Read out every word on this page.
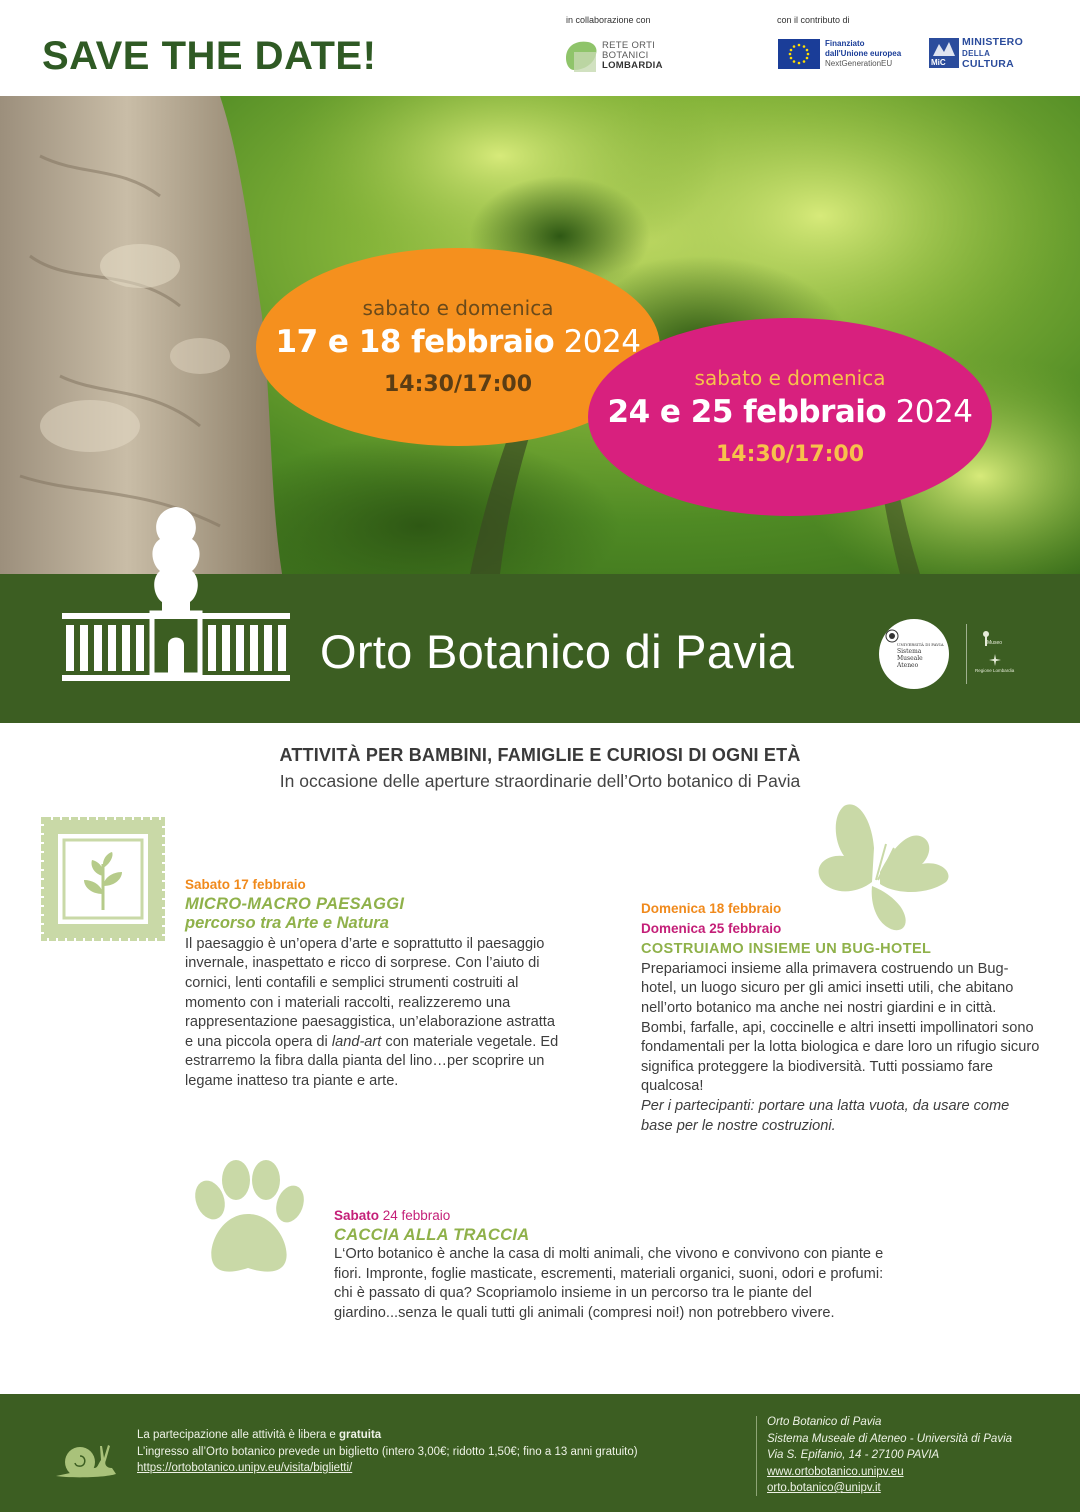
SAVE THE DATE!
in collaborazione con
RETE ORTI
BOTANICI
LOMBARDIA
con il contributo di
Finanziato
dall'Unione europea
NextGenerationEU	MiC
MINISTERO
DELLA
CULTURA
sabato e domenica
17 e 18 febbraio 2024
14:30/17:00	sabato e domenica
24 e 25 febbraio 2024
14:30/17:00
Orto Botanico di Pavia	UNIVERSITÀ DI PAVIA
Sistema
Museale
Ateneo
Museo
Regione Lombardia
ATTIVITÀ PER BAMBINI, FAMIGLIE E CURIOSI DI OGNI ETÀ
In occasione delle aperture straordinarie dell’Orto botanico di Pavia
Sabato 17 febbraio
MICRO-MACRO PAESAGGI
percorso tra Arte e Natura
Il paesaggio è un’opera d’arte e soprattutto il paesaggio invernale, inaspettato e ricco di sorprese. Con l’aiuto di cornici, lenti contafili e semplici strumenti costruiti al momento con i materiali raccolti, realizzeremo una rappresentazione paesaggistica, un’elaborazione astratta e una piccola opera di land-art con materiale vegetale. Ed estrarremo la fibra dalla pianta del lino…per scoprire un legame inatteso tra piante e arte.
Domenica 18 febbraio
Domenica 25 febbraio
COSTRUIAMO INSIEME UN BUG-HOTEL
Prepariamoci insieme alla primavera costruendo un Bug-hotel, un luogo sicuro per gli amici insetti utili, che abitano nell’orto botanico ma anche nei nostri giardini e in città. Bombi, farfalle, api, coccinelle e altri insetti impollinatori sono fondamentali per la lotta biologica e dare loro un rifugio sicuro significa proteggere la biodiversità. Tutti possiamo fare qualcosa!
Per i partecipanti: portare una latta vuota, da usare come base per le nostre costruzioni.
Sabato 24 febbraio
CACCIA ALLA TRACCIA
L‘Orto botanico è anche la casa di molti animali, che vivono e convivono con piante e fiori. Impronte, foglie masticate, escrementi, materiali organici, suoni, odori e profumi: chi è passato di qua? Scopriamolo insieme in un percorso tra le piante del giardino...senza le quali tutti gli animali (compresi noi!) non potrebbero vivere.
La partecipazione alle attività è libera e gratuita
L’ingresso all’Orto botanico prevede un biglietto (intero 3,00€; ridotto 1,50€; fino a 13 anni gratuito)
https://ortobotanico.unipv.eu/visita/biglietti/
Orto Botanico di Pavia
Sistema Museale di Ateneo - Università di Pavia
Via S. Epifanio, 14 - 27100 PAVIA
www.ortobotanico.unipv.eu
orto.botanico@unipv.it
